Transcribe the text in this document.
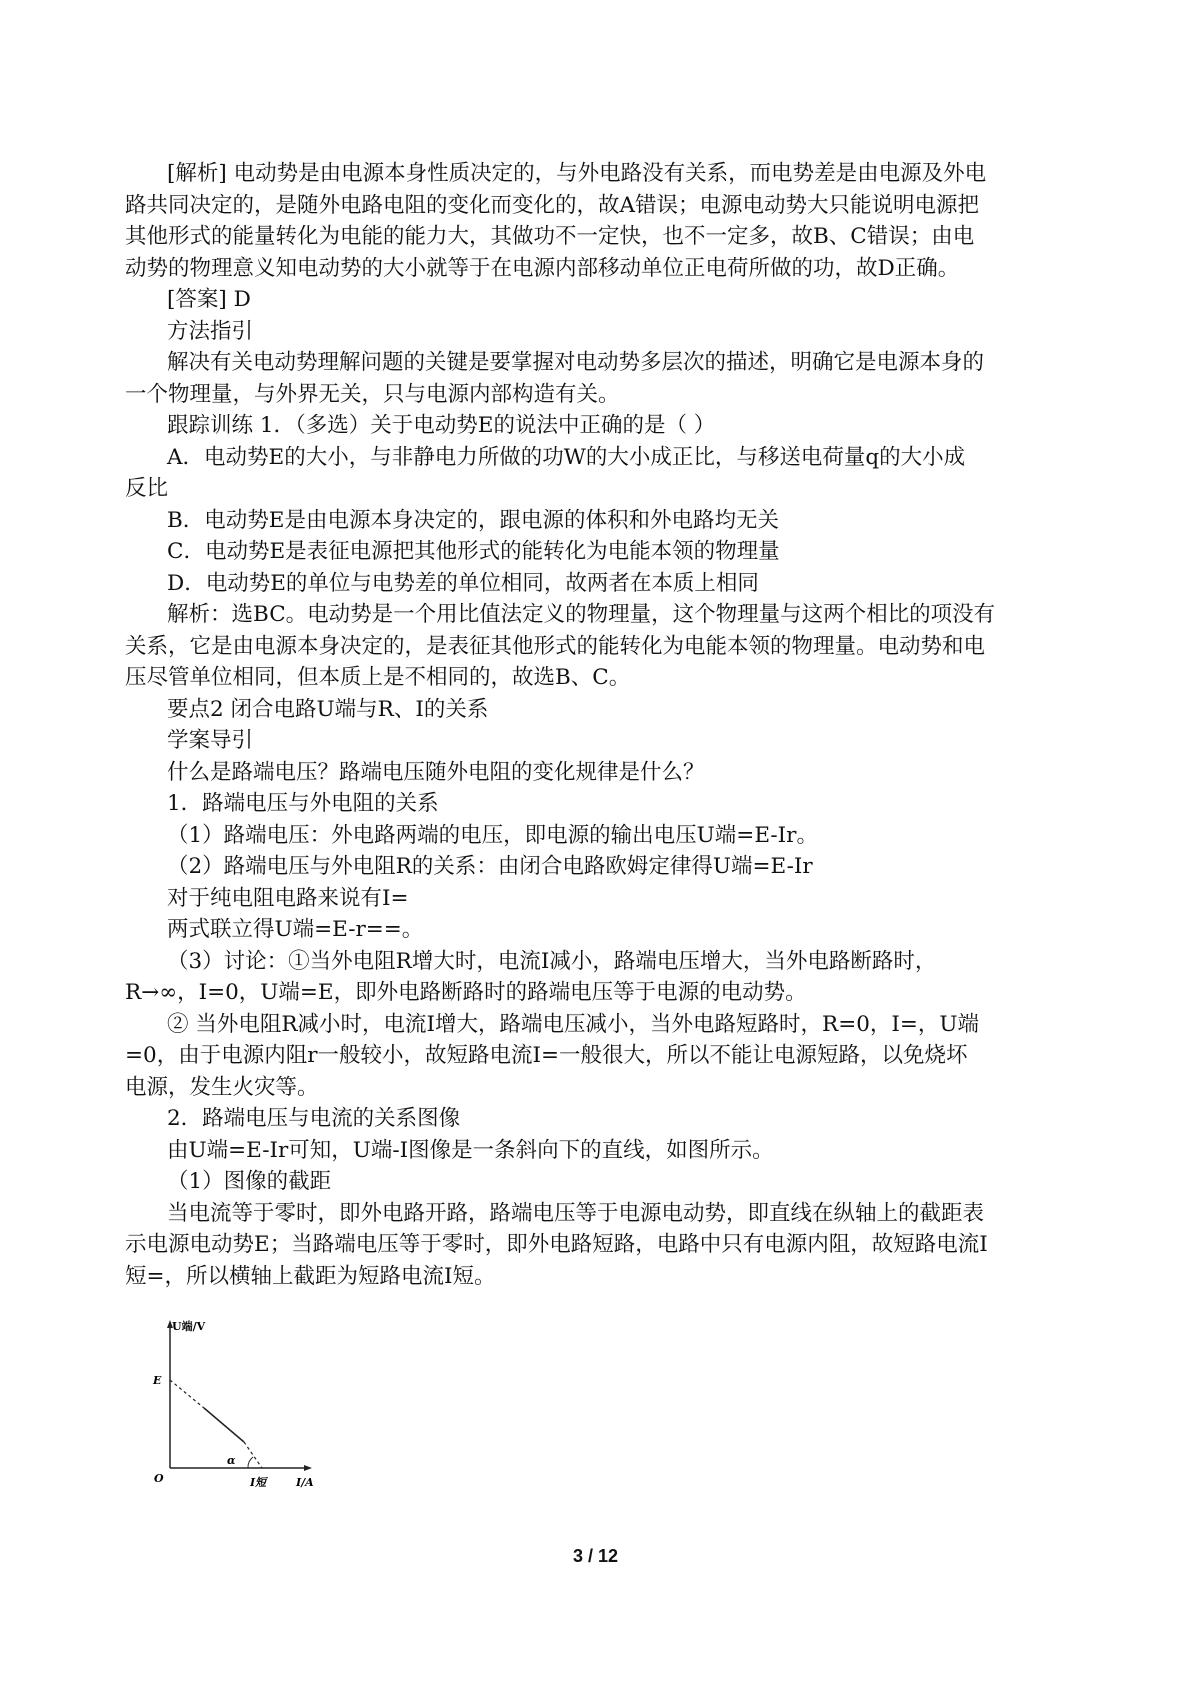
[解析] 电动势是由电源本身性质决定的，与外电路没有关系，而电势差是由电源及外电
路共同决定的，是随外电路电阻的变化而变化的，故A错误；电源电动势大只能说明电源把
其他形式的能量转化为电能的能力大，其做功不一定快，也不一定多，故B、C错误；由电
动势的物理意义知电动势的大小就等于在电源内部移动单位正电荷所做的功，故D正确。
[答案] D
方法指引
解决有关电动势理解问题的关键是要掌握对电动势多层次的描述，明确它是电源本身的
一个物理量，与外界无关，只与电源内部构造有关。
跟踪训练 1．（多选）关于电动势E的说法中正确的是（ ）
A．电动势E的大小，与非静电力所做的功W的大小成正比，与移送电荷量q的大小成
反比
B．电动势E是由电源本身决定的，跟电源的体积和外电路均无关
C．电动势E是表征电源把其他形式的能转化为电能本领的物理量
D．电动势E的单位与电势差的单位相同，故两者在本质上相同
解析：选BC。电动势是一个用比值法定义的物理量，这个物理量与这两个相比的项没有
关系，它是由电源本身决定的，是表征其他形式的能转化为电能本领的物理量。电动势和电
压尽管单位相同，但本质上是不相同的，故选B、C。
要点2 闭合电路U端与R、I的关系
学案导引
什么是路端电压？路端电压随外电阻的变化规律是什么？
1．路端电压与外电阻的关系
（1）路端电压：外电路两端的电压，即电源的输出电压U端=E-Ir。
（2）路端电压与外电阻R的关系：由闭合电路欧姆定律得U端=E-Ir
对于纯电阻电路来说有I=
两式联立得U端=E-r==。
（3）讨论：①当外电阻R增大时，电流I减小，路端电压增大，当外电路断路时，
R→∞，I=0，U端=E，即外电路断路时的路端电压等于电源的电动势。
② 当外电阻R减小时，电流I增大，路端电压减小，当外电路短路时，R=0，I=，U端
=0，由于电源内阻r一般较小，故短路电流I=一般很大，所以不能让电源短路，以免烧坏
电源，发生火灾等。
2．路端电压与电流的关系图像
由U端=E-Ir可知，U端-I图像是一条斜向下的直线，如图所示。
（1）图像的截距
当电流等于零时，即外电路开路，路端电压等于电源电动势，即直线在纵轴上的截距表
示电源电动势E；当路端电压等于零时，即外电路短路，电路中只有电源内阻，故短路电流I
短=，所以横轴上截距为短路电流I短。
U端/V
E
O
α
I短	I/A
3 / 12
